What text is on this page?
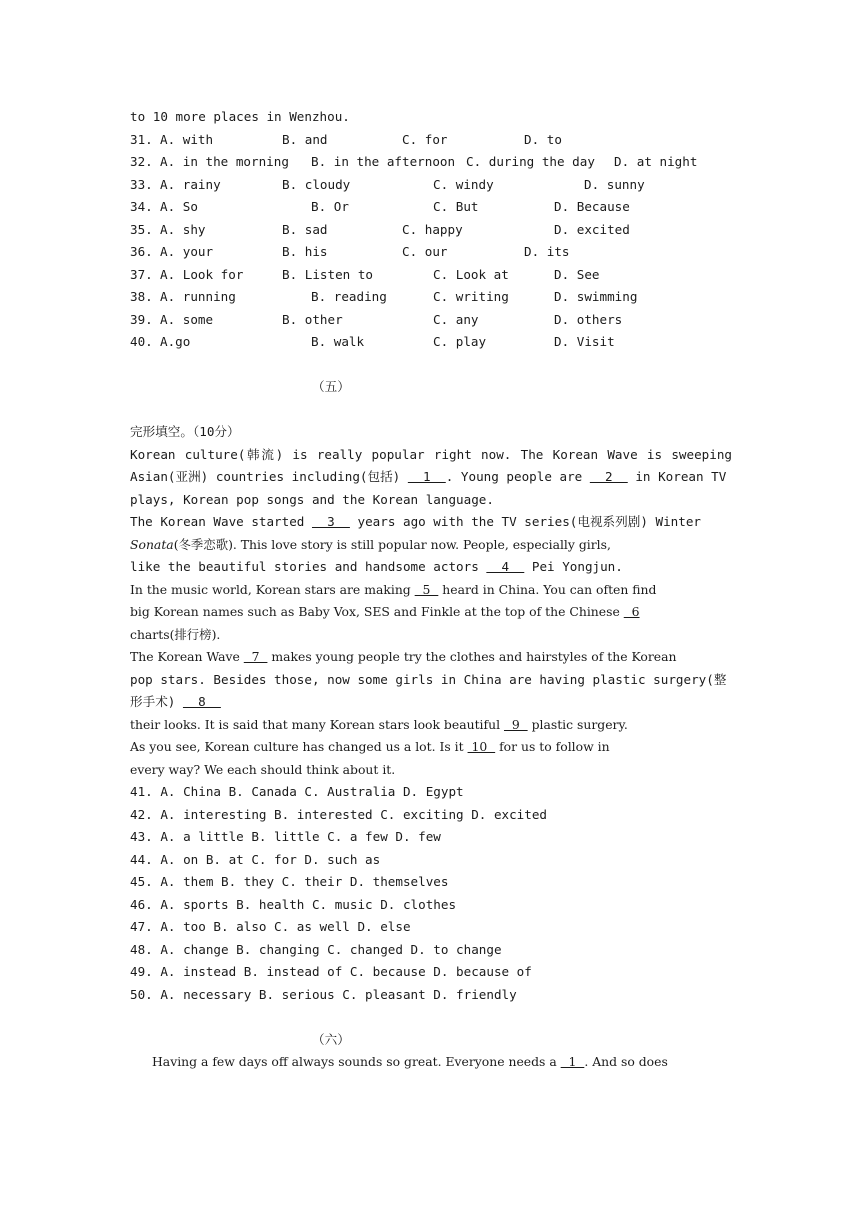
to 10 more places in Wenzhou.
31. A. with	B. and	C. for	D. to
32. A. in the morning B. in the afternoon C. during the day D. at night
33. A. rainy	B. cloudy	C. windy	D. sunny
34. A. So	B. Or	C. But	D. Because
35. A. shy	B. sad	C. happy	D. excited
36. A. your	B. his	C. our	D. its
37. A. Look for	B. Listen to	C. Look at	D. See
38. A. running	B. reading	C. writing	D. swimming
39. A. some	B. other	C. any	D. others
40. A.go	B. walk	C. play	D. Visit
（五）
完形填空。（10分）
Korean culture(韩流) is really popular right now. The Korean Wave is sweeping
Asian(亚洲) countries including(包括)   1  . Young people are   2   in Korean TV
plays, Korean pop songs and the Korean language.
The Korean Wave started   3   years ago with the TV series(电视系列剧) Winter
Sonata(冬季恋歌). This love story is still popular now. People, especially girls,
like the beautiful stories and handsome actors   4   Pei Yongjun.
In the music world, Korean stars are making   5   heard in China. You can often find
big Korean names such as Baby Vox, SES and Finkle at the top of the Chinese   6
charts(排行榜).
The Korean Wave   7   makes young people try the clothes and hairstyles of the Korean
pop stars. Besides those, now some girls in China are having plastic surgery(整
形手术)   8
their looks. It is said that many Korean stars look beautiful   9   plastic surgery.
As you see, Korean culture has changed us a lot. Is it  10   for us to follow in
every way? We each should think about it.
41. A. China B. Canada C. Australia D. Egypt
42. A. interesting B. interested C. exciting D. excited
43. A. a little B. little C. a few D. few
44. A. on B. at C. for D. such as
45. A. them B. they C. their D. themselves
46. A. sports B. health C. music D. clothes
47. A. too B. also C. as well D. else
48. A. change B. changing C. changed D. to change
49. A. instead B. instead of C. because D. because of
50. A. necessary B. serious C. pleasant D. friendly
（六）
Having a few days off always sounds so great. Everyone needs a   1  . And so does
